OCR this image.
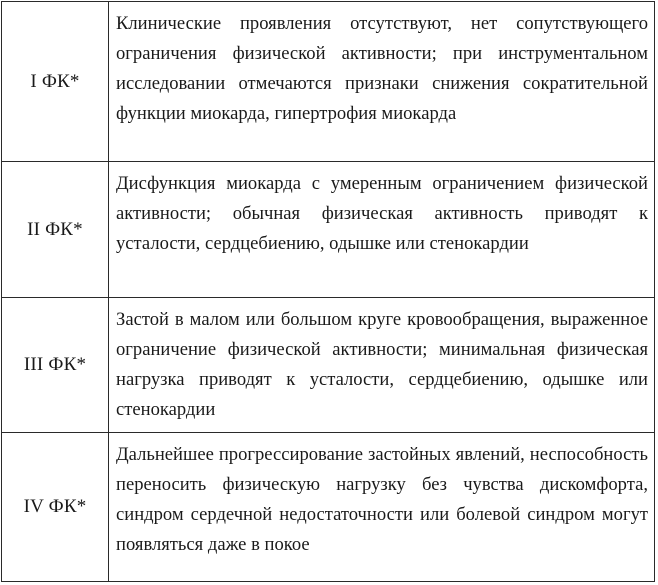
I ФК*
Клинические проявления отсутствуют, нет сопутствующего ограничения физической активности; при инструментальном исследовании отмечаются признаки снижения сократительной функции миокарда, гипертрофия миокарда
II ФК*
Дисфункция миокарда с умеренным ограничением физической активности; обычная физическая активность приводят к усталости, сердцебиению, одышке или стенокардии
III ФК*
Застой в малом или большом круге кровообращения, выраженное ограничение физической активности; минимальная физическая нагрузка приводят к усталости, сердцебиению, одышке или стенокардии
IV ФК*
Дальнейшее прогрессирование застойных явлений, неспособность переносить физическую нагрузку без чувства дискомфорта, синдром сердечной недостаточности или болевой синдром могут появляться даже в покое
